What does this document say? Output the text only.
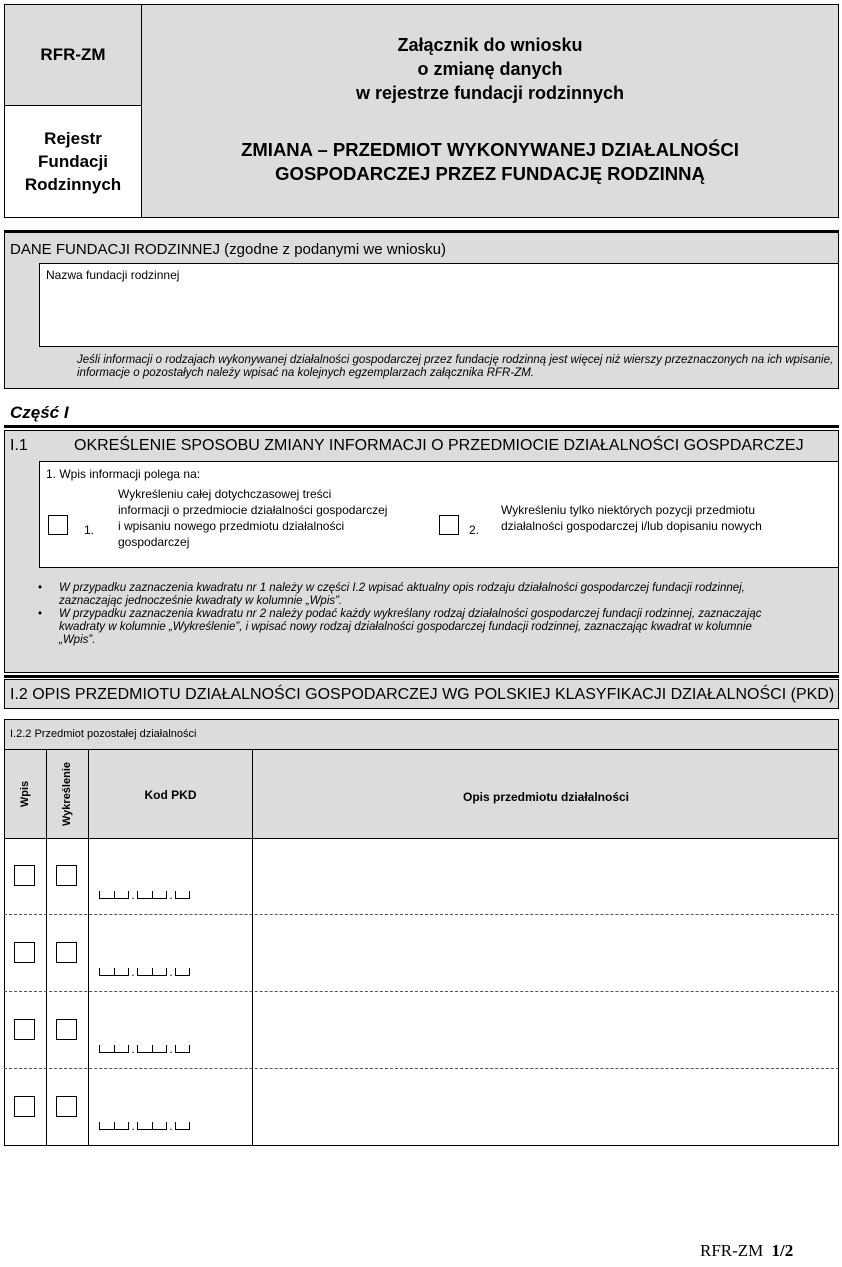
RFR-ZM
Rejestr Fundacji Rodzinnych
Załącznik do wniosku
o zmianę danych
w rejestrze fundacji rodzinnych
ZMIANA – PRZEDMIOT WYKONYWANEJ DZIAŁALNOŚCI
GOSPODARCZEJ PRZEZ FUNDACJĘ RODZINNĄ
DANE FUNDACJI RODZINNEJ (zgodne z podanymi we wniosku)
Nazwa fundacji rodzinnej
Jeśli informacji o rodzajach wykonywanej działalności gospodarczej przez fundację rodzinną jest więcej niż wierszy przeznaczonych na ich wpisanie, informacje o pozostałych należy wpisać na kolejnych egzemplarzach załącznika RFR-ZM.
Część I
I.1	OKREŚLENIE SPOSOBU ZMIANY INFORMACJI O PRZEDMIOCIE DZIAŁALNOŚCI GOSPDARCZEJ
1. Wpis informacji polega na:
Wykreśleniu całej dotychczasowej treści
informacji o przedmiocie działalności gospodarczej
i wpisaniu nowego przedmiotu działalności
gospodarczej
Wykreśleniu tylko niektórych pozycji przedmiotu
działalności gospodarczej i/lub dopisaniu nowych
1.	2.
• W przypadku zaznaczenia kwadratu nr 1 należy w części I.2 wpisać aktualny opis rodzaju działalności gospodarczej fundacji rodzinnej,
zaznaczając jednocześnie kwadraty w kolumnie „Wpis”.
• W przypadku zaznaczenia kwadratu nr 2 należy podać każdy wykreślany rodzaj działalności gospodarczej fundacji rodzinnej, zaznaczając
kwadraty w kolumnie „Wykreślenie”, i wpisać nowy rodzaj działalności gospodarczej fundacji rodzinnej, zaznaczając kwadrat w kolumnie
„Wpis”.
I.2 OPIS PRZEDMIOTU DZIAŁALNOŚCI GOSPODARCZEJ WG POLSKIEJ KLASYFIKACJI DZIAŁALNOŚCI (PKD)
I.2.2 Przedmiot pozostałej działalności
Wpis	Wykreślenie	Kod PKD	Opis przedmiotu działalności
.	.
.	.
.	.
.	.
RFR-ZM 1/2
